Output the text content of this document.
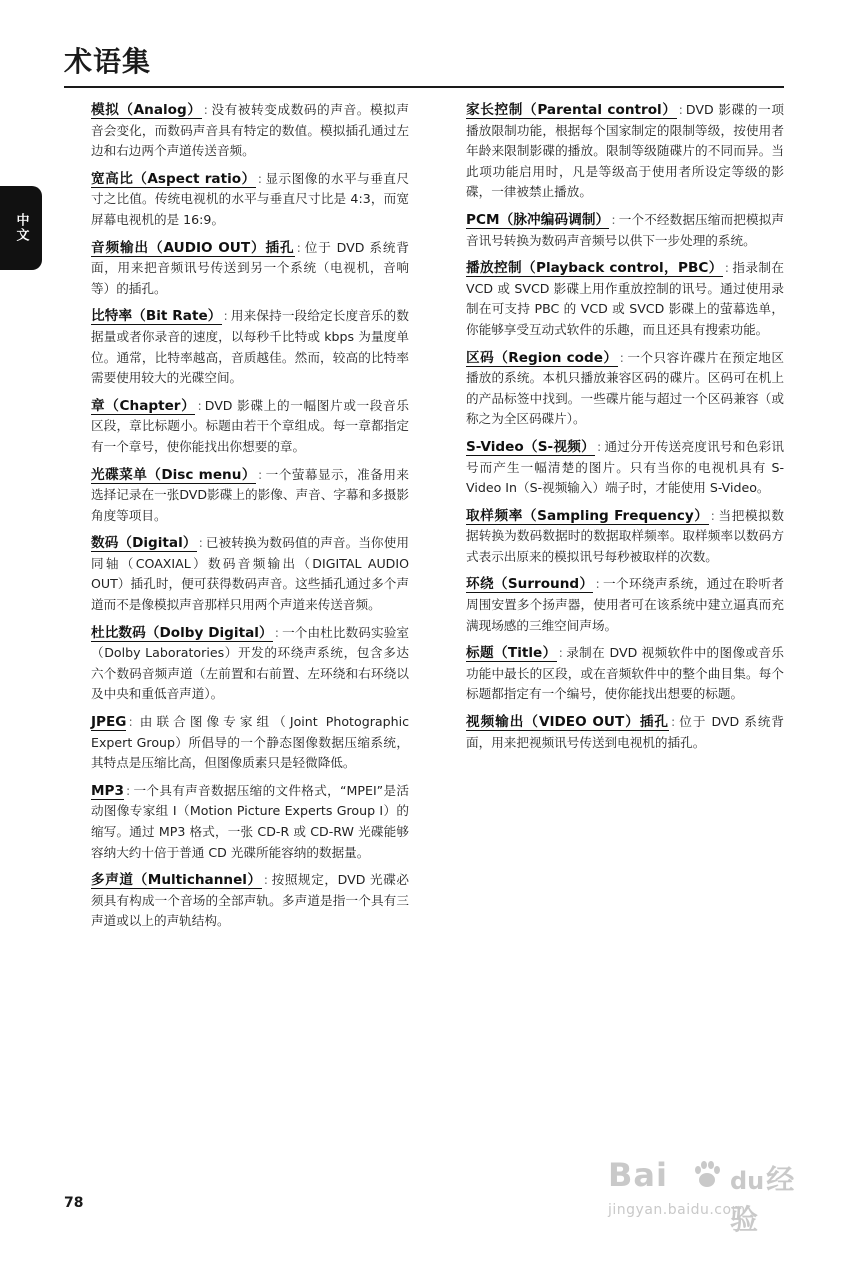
术语集
中文

模拟（Analog） : 没有被转变成数码的声音。模拟声音会变化，而数码声音具有特定的数值。模拟插孔通过左边和右边两个声道传送音频。

宽高比（Aspect ratio） : 显示图像的水平与垂直尺寸之比值。传统电视机的水平与垂直尺寸比是 4:3，而宽屏幕电视机的是 16:9。

音频输出（AUDIO OUT）插孔 : 位于 DVD 系统背面，用来把音频讯号传送到另一个系统（电视机，音响等）的插孔。

比特率（Bit Rate） : 用来保持一段给定长度音乐的数据量或者你录音的速度，以每秒千比特或 kbps 为量度单位。通常，比特率越高，音质越佳。然而，较高的比特率需要使用较大的光碟空间。

章（Chapter） : DVD 影碟上的一幅图片或一段音乐区段，章比标题小。标题由若干个章组成。每一章都指定有一个章号，使你能找出你想要的章。

光碟菜单（Disc menu） : 一个萤幕显示，准备用来选择记录在一张DVD影碟上的影像、声音、字幕和多摄影角度等项目。

数码（Digital） : 已被转换为数码值的声音。当你使用同轴（COAXIAL）数码音频输出（DIGITAL AUDIO OUT）插孔时，便可获得数码声音。这些插孔通过多个声道而不是像模拟声音那样只用两个声道来传送音频。

杜比数码（Dolby Digital） : 一个由杜比数码实验室（Dolby Laboratories）开发的环绕声系统，包含多达六个数码音频声道（左前置和右前置、左环绕和右环绕以及中央和重低音声道）。

JPEG : 由联合图像专家组（Joint Photographic Expert Group）所倡导的一个静态图像数据压缩系统，其特点是压缩比高，但图像质素只是轻微降低。

MP3 : 一个具有声音数据压缩的文件格式，“MPEI”是活动图像专家组 I（Motion Picture Experts Group I）的缩写。通过 MP3 格式，一张 CD-R 或 CD-RW 光碟能够容纳大约十倍于普通 CD 光碟所能容纳的数据量。

多声道（Multichannel） : 按照规定，DVD 光碟必须具有构成一个音场的全部声轨。多声道是指一个具有三声道或以上的声轨结构。

家长控制（Parental control） : DVD 影碟的一项播放限制功能，根据每个国家制定的限制等级，按使用者年龄来限制影碟的播放。限制等级随碟片的不同而异。当此项功能启用时，凡是等级高于使用者所设定等级的影碟，一律被禁止播放。

PCM（脉冲编码调制） : 一个不经数据压缩而把模拟声音讯号转换为数码声音频号以供下一步处理的系统。

播放控制（Playback control，PBC） : 指录制在 VCD 或 SVCD 影碟上用作重放控制的讯号。通过使用录制在可支持 PBC 的 VCD 或 SVCD 影碟上的萤幕选单，你能够享受互动式软件的乐趣，而且还具有搜索功能。

区码（Region code） : 一个只容许碟片在预定地区播放的系统。本机只播放兼容区码的碟片。区码可在机上的产品标签中找到。一些碟片能与超过一个区码兼容（或称之为全区码碟片）。

S-Video（S-视频） : 通过分开传送亮度讯号和色彩讯号而产生一幅清楚的图片。只有当你的电视机具有 S-Video In（S-视频输入）端子时，才能使用 S-Video。

取样频率（Sampling Frequency） : 当把模拟数据转换为数码数据时的数据取样频率。取样频率以数码方式表示出原来的模拟讯号每秒被取样的次数。

环绕（Surround） : 一个环绕声系统，通过在聆听者周围安置多个扬声器，使用者可在该系统中建立逼真而充满现场感的三维空间声场。

标题（Title） : 录制在 DVD 视频软件中的图像或音乐功能中最长的区段，或在音频软件中的整个曲目集。每个标题都指定有一个编号，使你能找出想要的标题。

视频输出（VIDEO OUT）插孔 : 位于 DVD 系统背面，用来把视频讯号传送到电视机的插孔。

78
Bai	du经验
jingyan.baidu.com
